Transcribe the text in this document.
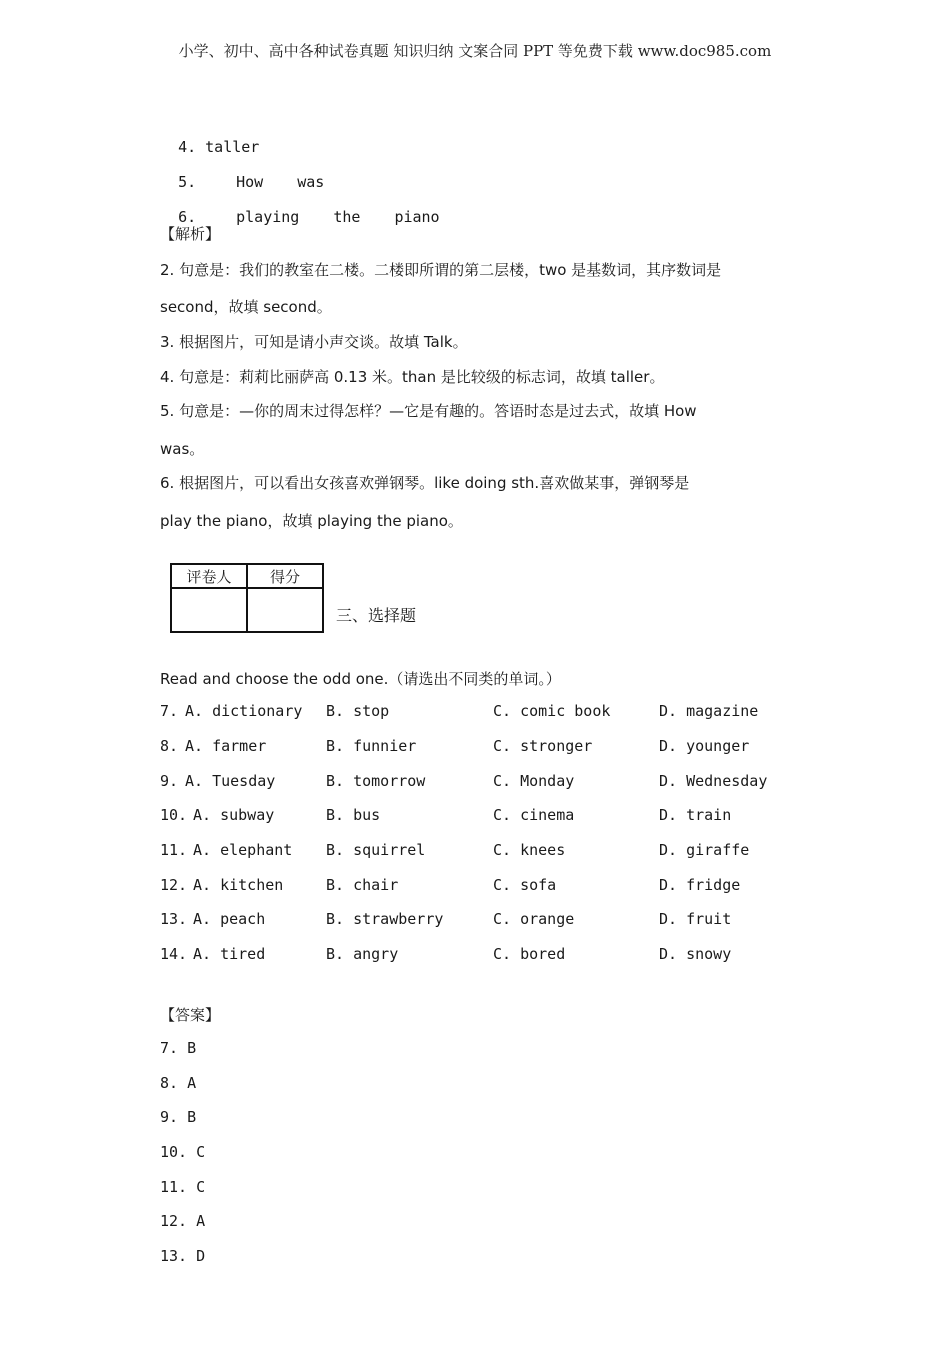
小学、初中、高中各种试卷真题 知识归纳 文案合同 PPT 等免费下载 www.doc985.com

4. taller

5.	How was

6.	playing the piano

【解析】
2. 句意是：我们的教室在二楼。二楼即所谓的第二层楼，two 是基数词，其序数词是
second，故填 second。
3. 根据图片，可知是请小声交谈。故填 Talk。
4. 句意是：莉莉比丽萨高 0.13 米。than 是比较级的标志词，故填 taller。
5. 句意是：—你的周末过得怎样？—它是有趣的。答语时态是过去式，故填 How
was。
6. 根据图片，可以看出女孩喜欢弹钢琴。like doing sth.喜欢做某事，弹钢琴是
play the piano，故填 playing the piano。
评卷人	得分

三、选择题
Read and choose the odd one.（请选出不同类的单词。）
7. A. dictionary B. stop	C. comic book	D. magazine
8. A. farmer	B. funnier	C. stronger	D. younger
9. A. Tuesday	B. tomorrow	C. Monday	D. Wednesday
10. A. subway	B. bus	C. cinema	D. train
11. A. elephant B. squirrel	C. knees	D. giraffe
12. A. kitchen	B. chair	C. sofa	D. fridge
13. A. peach	B. strawberry	C. orange	D. fruit
14. A. tired	B. angry	C. bored	D. snowy
【答案】
7. B
8. A
9. B
10. C
11. C
12. A
13. D
